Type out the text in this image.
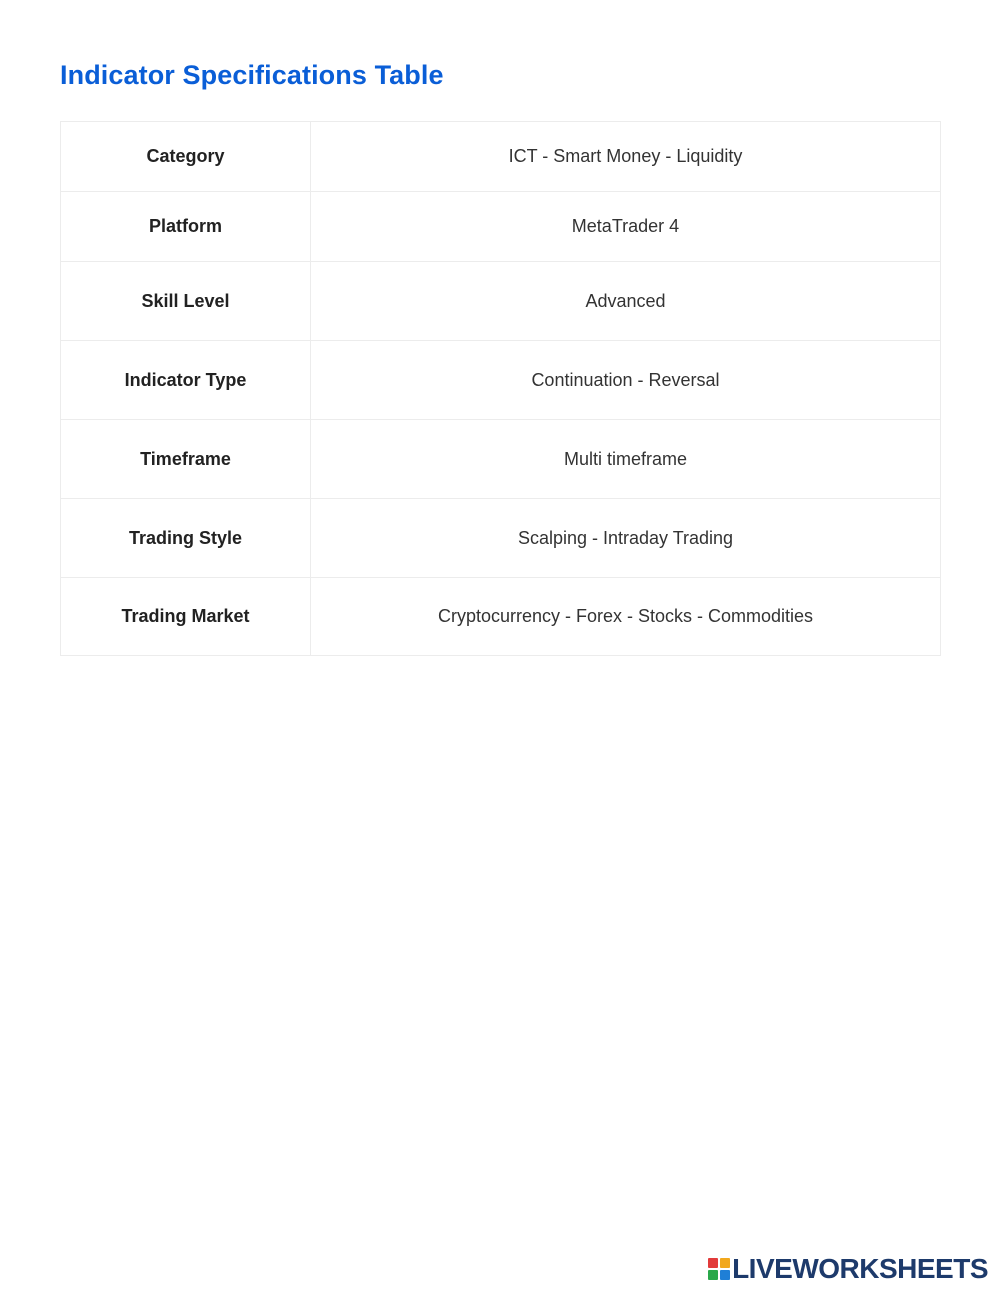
Indicator Specifications Table
Category	ICT - Smart Money - Liquidity
Platform	MetaTrader 4
Skill Level	Advanced
Indicator Type	Continuation - Reversal
Timeframe	Multi timeframe
Trading Style	Scalping - Intraday Trading
Trading Market	Cryptocurrency - Forex - Stocks - Commodities
LIVEWORKSHEETS
